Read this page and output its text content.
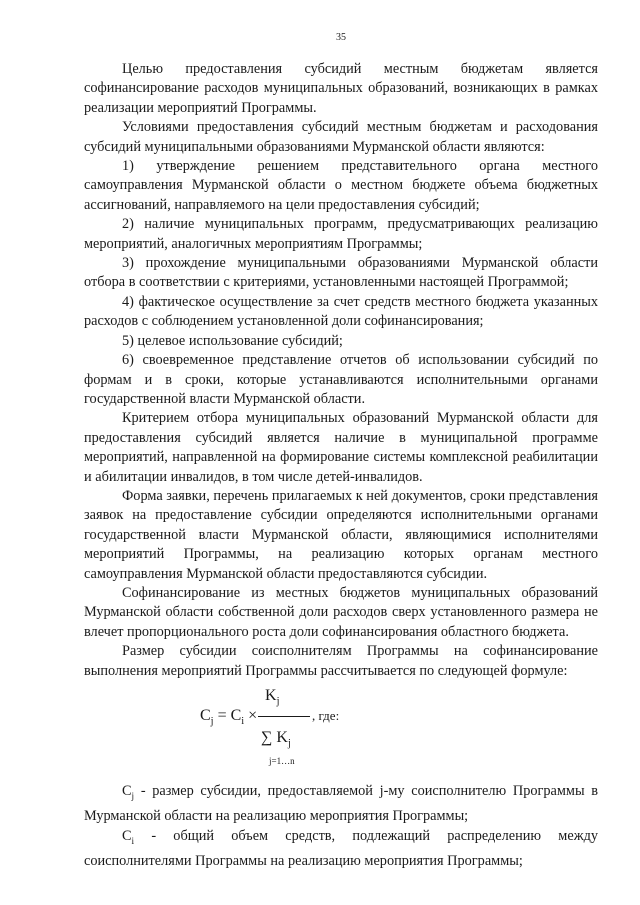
35

Целью предоставления субсидий местным бюджетам является софинансирование расходов муниципальных образований, возникающих в рамках реализации мероприятий Программы.

Условиями предоставления субсидий местным бюджетам и расходования субсидий муниципальными образованиями Мурманской области являются:

1) утверждение решением представительного органа местного самоуправления Мурманской области о местном бюджете объема бюджетных ассигнований, направляемого на цели предоставления субсидий;

2) наличие муниципальных программ, предусматривающих реализацию мероприятий, аналогичных мероприятиям Программы;

3) прохождение муниципальными образованиями Мурманской области отбора в соответствии с критериями, установленными настоящей Программой;

4) фактическое осуществление за счет средств местного бюджета указанных расходов с соблюдением установленной доли софинансирования;

5) целевое использование субсидий;

6) своевременное представление отчетов об использовании субсидий по формам и в сроки, которые устанавливаются исполнительными органами государственной власти Мурманской области.

Критерием отбора муниципальных образований Мурманской области для предоставления субсидий является наличие в муниципальной программе мероприятий, направленной на формирование системы комплексной реабилитации и абилитации инвалидов, в том числе детей-инвалидов.

Форма заявки, перечень прилагаемых к ней документов, сроки представления заявок на предоставление субсидии определяются исполнительными органами государственной власти Мурманской области, являющимися исполнителями мероприятий Программы, на реализацию которых органам местного самоуправления Мурманской области предоставляются субсидии.

Софинансирование из местных бюджетов муниципальных образований Мурманской области собственной доли расходов сверх установленного размера не влечет пропорционального роста доли софинансирования областного бюджета.

Размер субсидии соисполнителям Программы на софинансирование выполнения мероприятий Программы рассчитывается по следующей формуле:

$K_j$
$C_j = C_i$ ×	, где:
∑ $K_j$
j=1…n

$C_j$ - размер субсидии, предоставляемой j-му соисполнителю Программы в Мурманской области на реализацию мероприятия Программы;

$C_i$ - общий объем средств, подлежащий распределению между соисполнителями Программы на реализацию мероприятия Программы;
